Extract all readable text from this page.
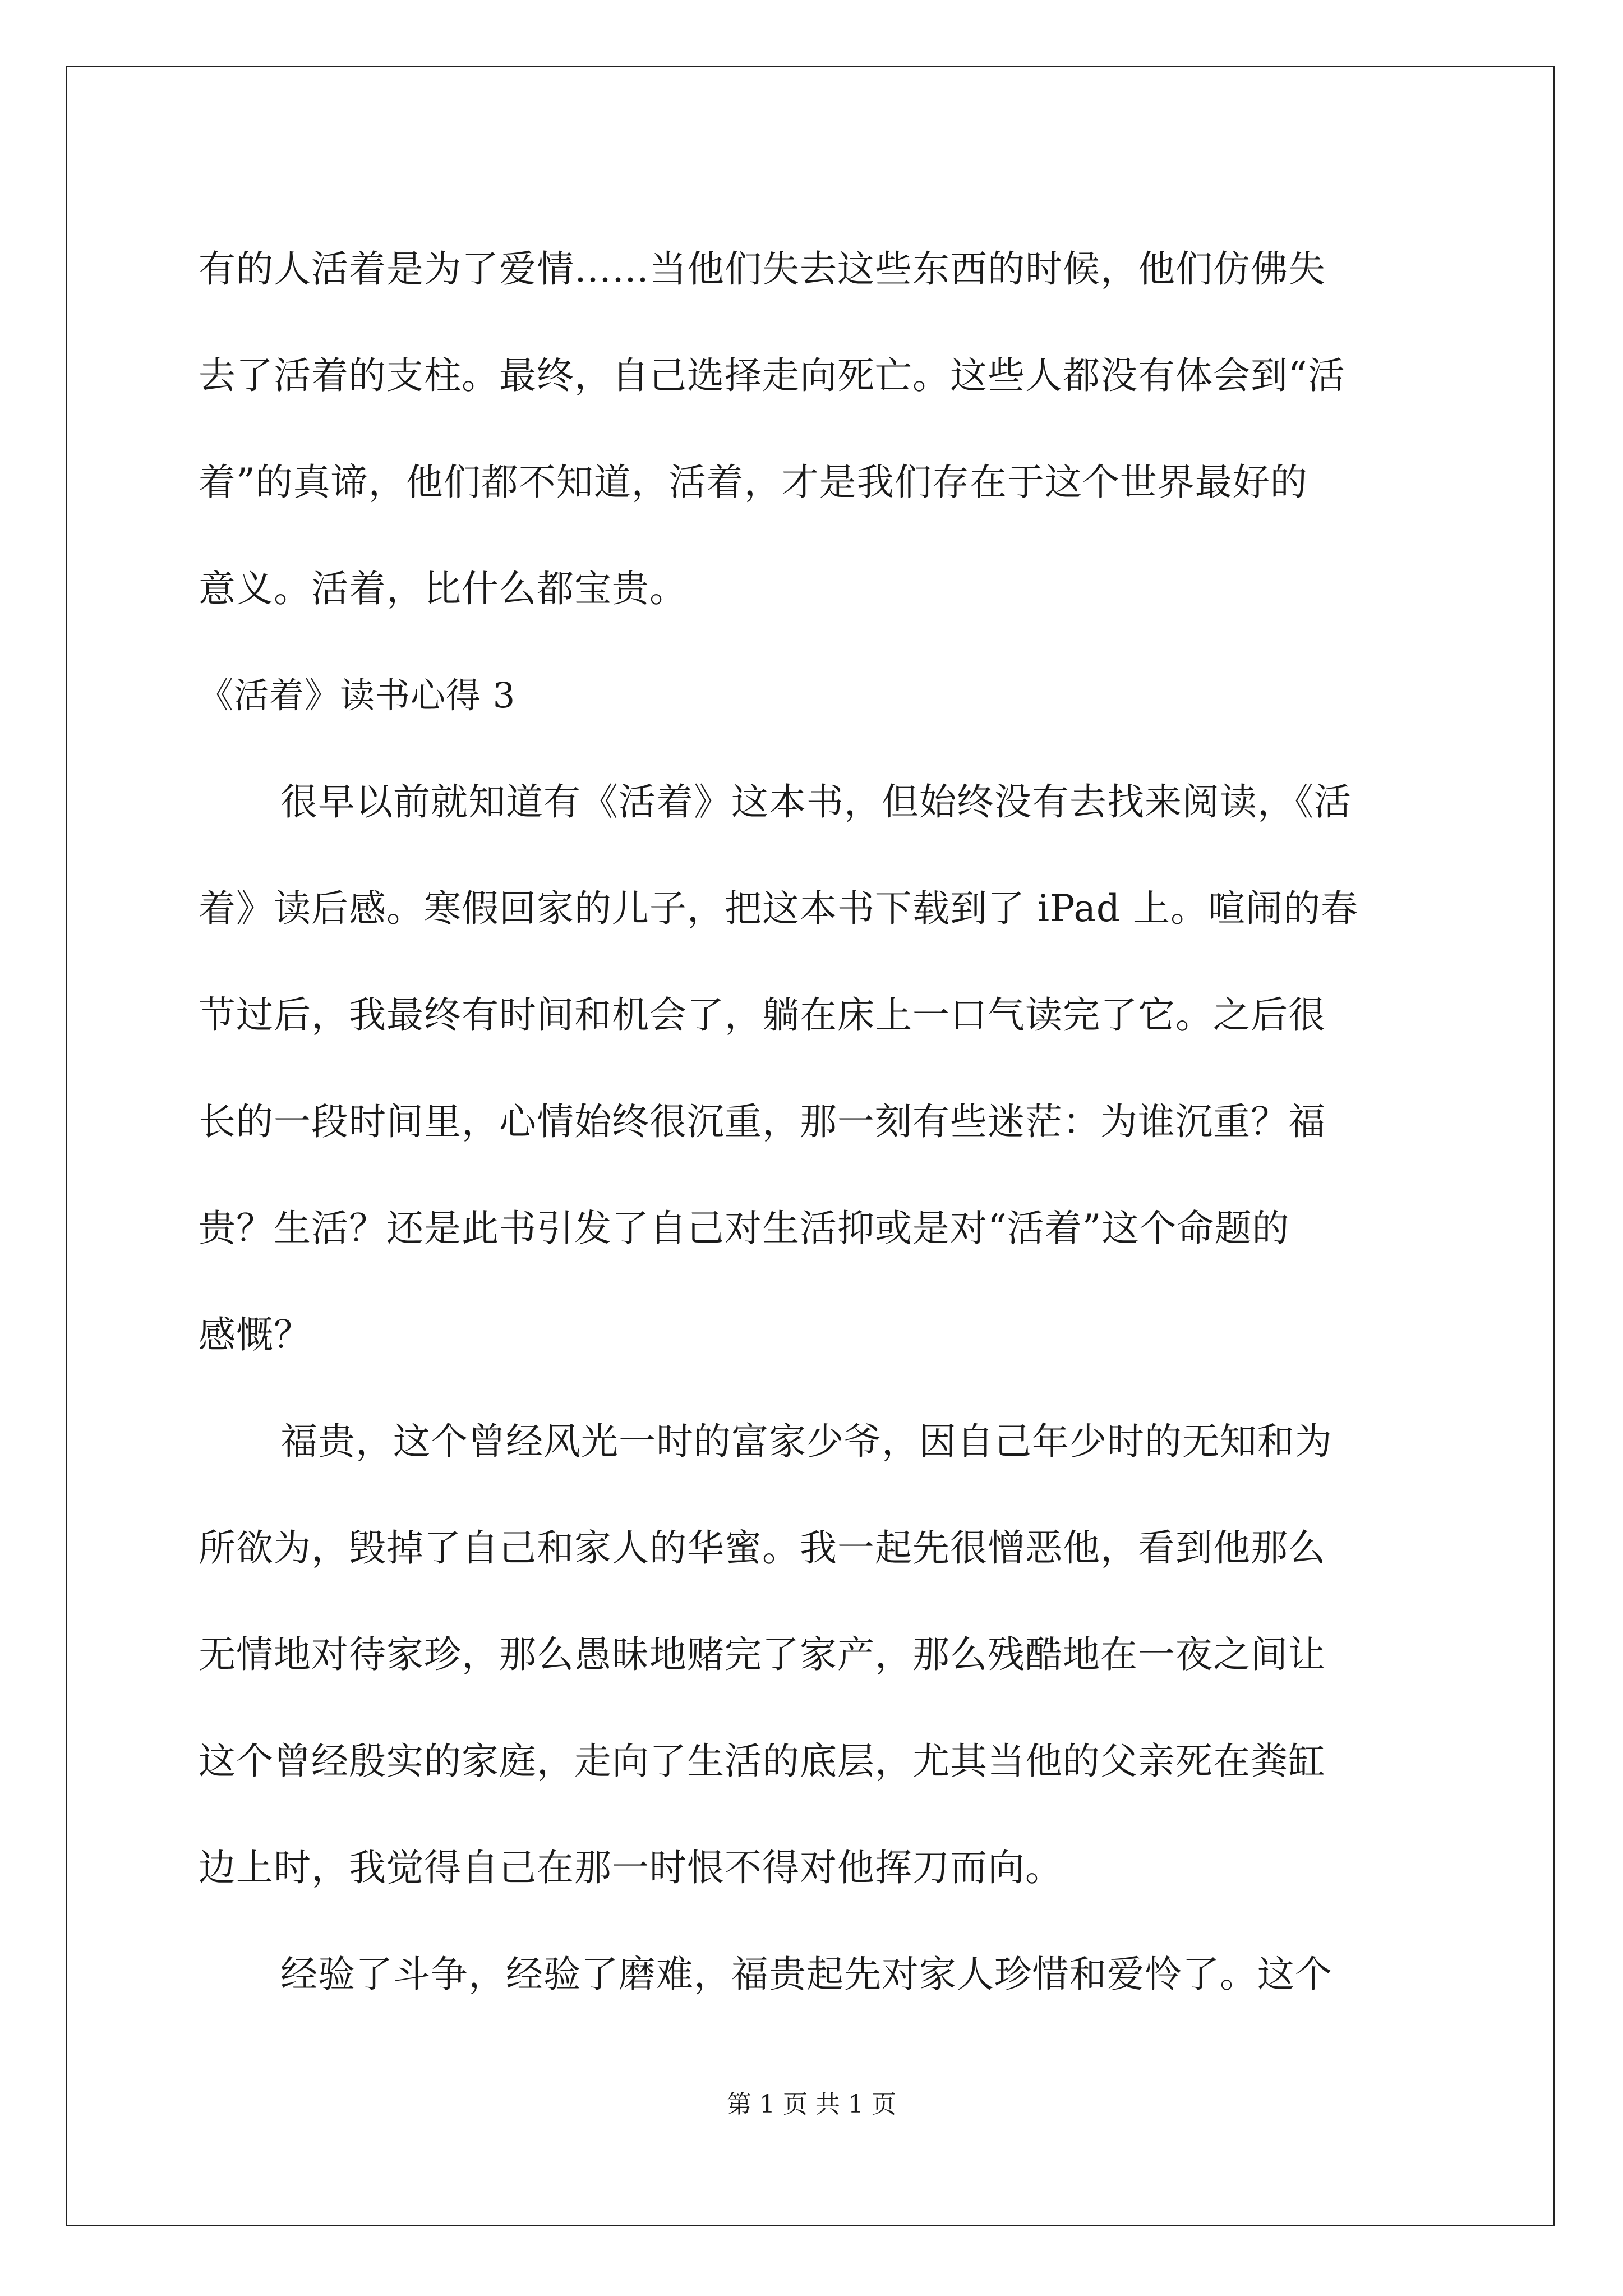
有的人活着是为了爱情……当他们失去这些东西的时候，他们仿佛失
去了活着的支柱。最终，自己选择走向死亡。这些人都没有体会到“活
着”的真谛，他们都不知道，活着，才是我们存在于这个世界最好的
意义。活着，比什么都宝贵。
《活着》读书心得 3
很早以前就知道有《活着》这本书，但始终没有去找来阅读，《活
着》读后感。寒假回家的儿子，把这本书下载到了 iPad 上。喧闹的春
节过后，我最终有时间和机会了，躺在床上一口气读完了它。之后很
长的一段时间里，心情始终很沉重，那一刻有些迷茫：为谁沉重？福
贵？生活？还是此书引发了自己对生活抑或是对“活着”这个命题的
感慨？
福贵，这个曾经风光一时的富家少爷，因自己年少时的无知和为
所欲为，毁掉了自己和家人的华蜜。我一起先很憎恶他，看到他那么
无情地对待家珍，那么愚昧地赌完了家产，那么残酷地在一夜之间让
这个曾经殷实的家庭，走向了生活的底层，尤其当他的父亲死在粪缸
边上时，我觉得自己在那一时恨不得对他挥刀而向。
经验了斗争，经验了磨难，福贵起先对家人珍惜和爱怜了。这个
第 1 页 共 1 页
